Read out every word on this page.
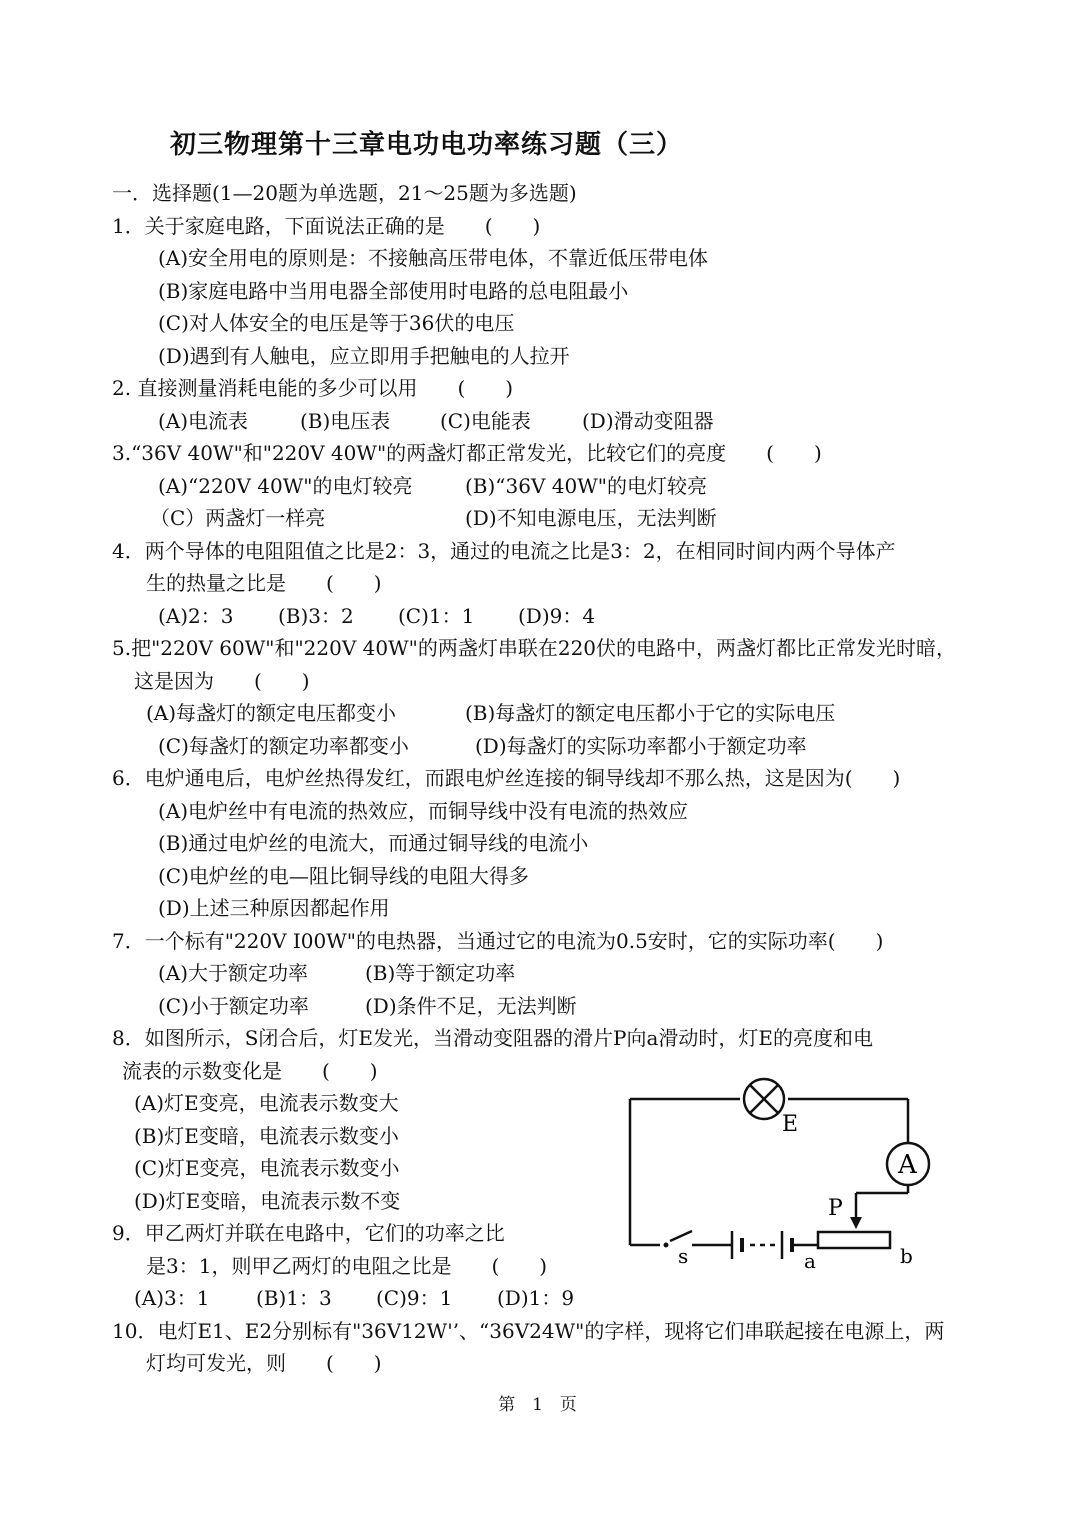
初三物理第十三章电功电功率练习题（三）
一．选择题(1—20题为单选题，21～25题为多选题)
1．关于家庭电路，下面说法正确的是　　(　　)
(A)安全用电的原则是：不接触高压带电体，不靠近低压带电体
(B)家庭电路中当用电器全部使用时电路的总电阻最小
(C)对人体安全的电压是等于36伏的电压
(D)遇到有人触电，应立即用手把触电的人拉开
2. 直接测量消耗电能的多少可以用　　(　　)
(A)电流表	(B)电压表 (C)电能表	(D)滑动变阻器
3.“36V 40W"和"220V 40W"的两盏灯都正常发光，比较它们的亮度　　(　　)
(A)“220V 40W"的电灯较亮	(B)“36V 40W"的电灯较亮
（C）两盏灯一样亮	(D)不知电源电压，无法判断
4．两个导体的电阻阻值之比是2：3，通过的电流之比是3：2，在相同时间内两个导体产
生的热量之比是　　(　　)
(A)2：3 (B)3：2 (C)1：1 (D)9：4
5.把"220V 60W"和"220V 40W"的两盏灯串联在220伏的电路中，两盏灯都比正常发光时暗，
这是因为　　(　　)
(A)每盏灯的额定电压都变小	(B)每盏灯的额定电压都小于它的实际电压
(C)每盏灯的额定功率都变小	(D)每盏灯的实际功率都小于额定功率
6．电炉通电后，电炉丝热得发红，而跟电炉丝连接的铜导线却不那么热，这是因为(　　)
(A)电炉丝中有电流的热效应，而铜导线中没有电流的热效应
(B)通过电炉丝的电流大，而通过铜导线的电流小
(C)电炉丝的电—阻比铜导线的电阻大得多
(D)上述三种原因都起作用
7．一个标有"220V I00W"的电热器，当通过它的电流为0.5安时，它的实际功率(　　)
(A)大于额定功率	(B)等于额定功率
(C)小于额定功率	(D)条件不足，无法判断
8．如图所示，S闭合后，灯E发光，当滑动变阻器的滑片P向a滑动时，灯E的亮度和电
流表的示数变化是　　(　　)
(A)灯E变亮，电流表示数变大
(B)灯E变暗，电流表示数变小
(C)灯E变亮，电流表示数变小
(D)灯E变暗，电流表示数不变
9．甲乙两灯并联在电路中，它们的功率之比
是3：1，则甲乙两灯的电阻之比是　　(　　)
(A)3：1 (B)1：3 (C)9：1 (D)1：9
10．电灯E1、E2分别标有"36V12W'’、“36V24W"的字样，现将它们串联起接在电源上，两
灯均可发光，则　　(　　)
E
A
P
a	b
s
第　1　页
